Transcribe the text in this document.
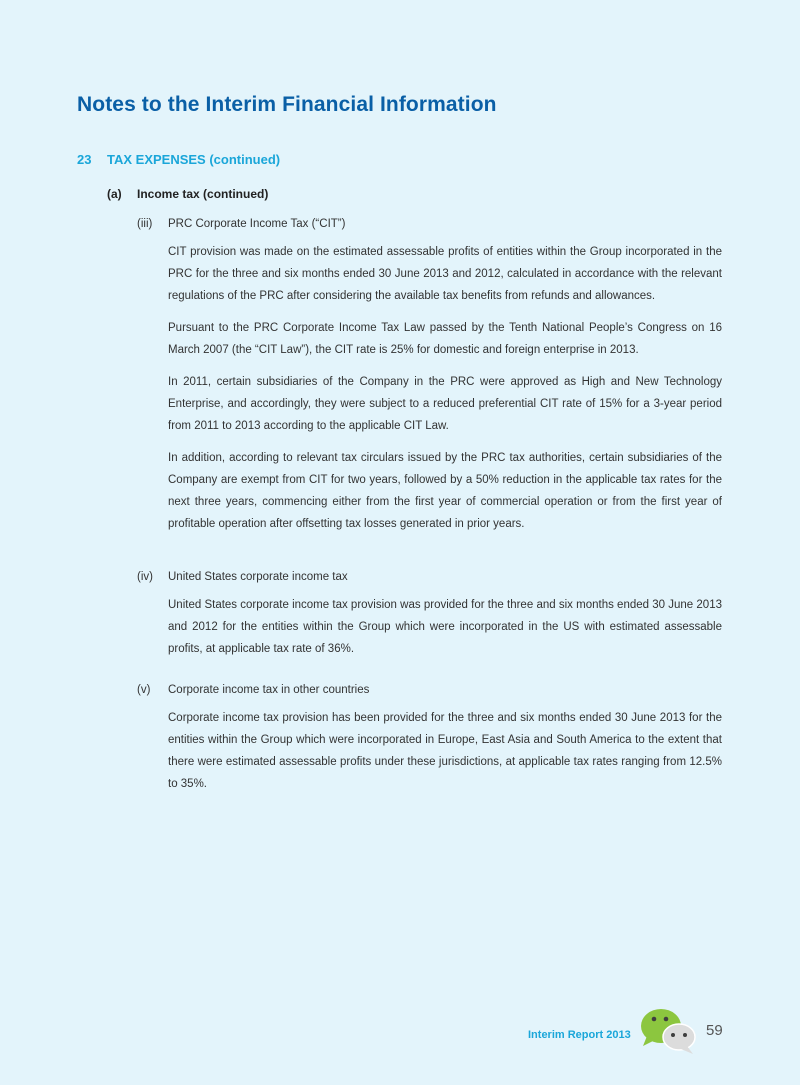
Notes to the Interim Financial Information
23 TAX EXPENSES (continued)
(a) Income tax (continued)
(iii)	PRC Corporate Income Tax (“CIT”)

CIT provision was made on the estimated assessable profits of entities within the Group incorporated in the PRC for the three and six months ended 30 June 2013 and 2012, calculated in accordance with the relevant regulations of the PRC after considering the available tax benefits from refunds and allowances.

Pursuant to the PRC Corporate Income Tax Law passed by the Tenth National People’s Congress on 16 March 2007 (the “CIT Law”), the CIT rate is 25% for domestic and foreign enterprise in 2013.

In 2011, certain subsidiaries of the Company in the PRC were approved as High and New Technology Enterprise, and accordingly, they were subject to a reduced preferential CIT rate of 15% for a 3-year period from 2011 to 2013 according to the applicable CIT Law.

In addition, according to relevant tax circulars issued by the PRC tax authorities, certain subsidiaries of the Company are exempt from CIT for two years, followed by a 50% reduction in the applicable tax rates for the next three years, commencing either from the first year of commercial operation or from the first year of profitable operation after offsetting tax losses generated in prior years.

(iv)	United States corporate income tax

United States corporate income tax provision was provided for the three and six months ended 30 June 2013 and 2012 for the entities within the Group which were incorporated in the US with estimated assessable profits, at applicable tax rate of 36%.

(v)	Corporate income tax in other countries

Corporate income tax provision has been provided for the three and six months ended 30 June 2013 for the entities within the Group which were incorporated in Europe, East Asia and South America to the extent that there were estimated assessable profits under these jurisdictions, at applicable tax rates ranging from 12.5% to 35%.

Interim Report 2013	59
